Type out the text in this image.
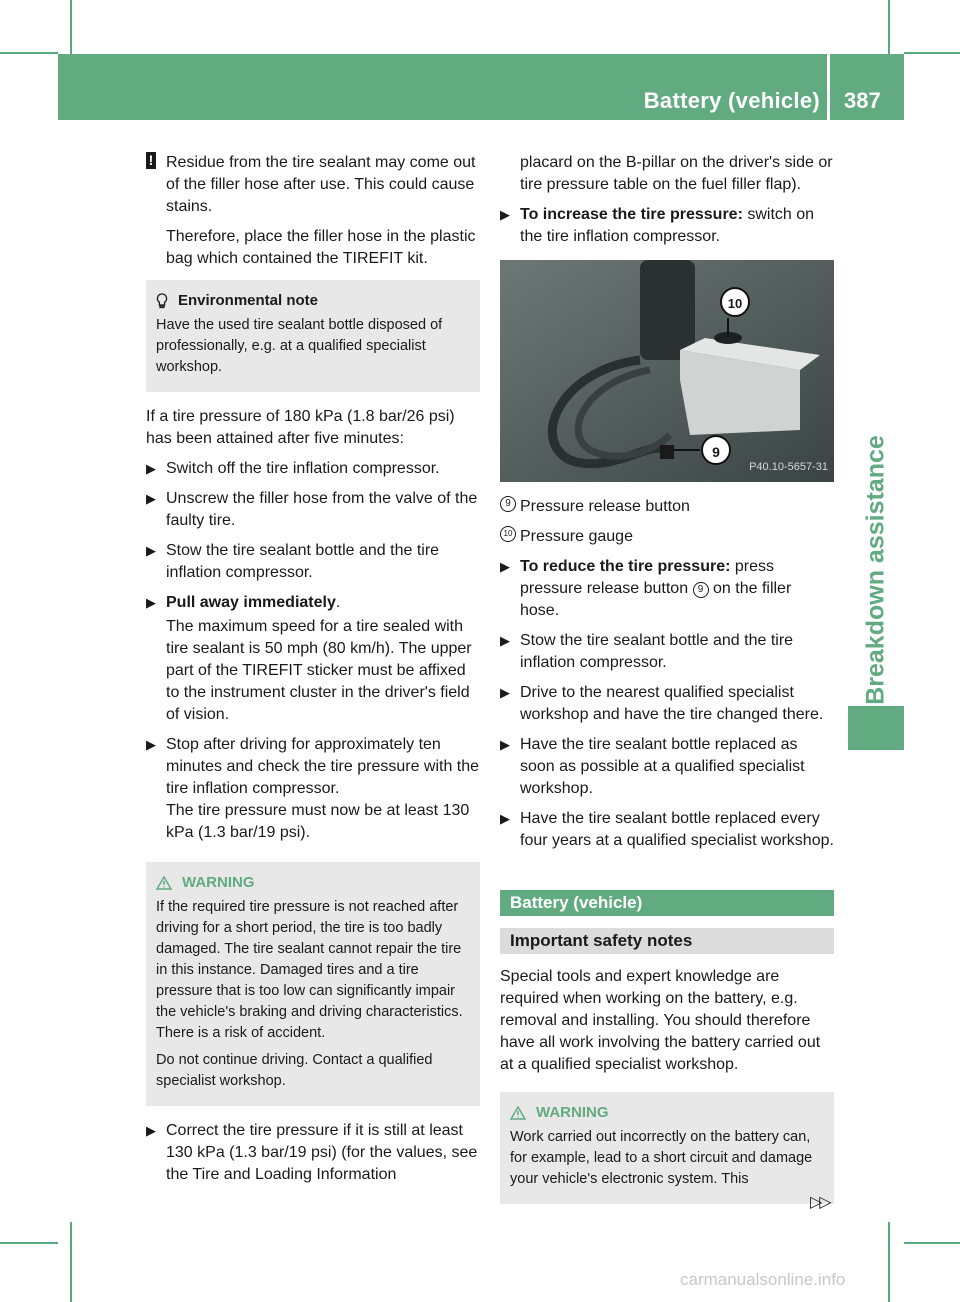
Battery (vehicle) 387
Breakdown assistance

! Residue from the tire sealant may come out of the filler hose after use. This could cause stains.

Therefore, place the filler hose in the plastic bag which contained the TIREFIT kit.

Environmental note

Have the used tire sealant bottle disposed of professionally, e.g. at a qualified specialist workshop.

If a tire pressure of 180 kPa (1.8 bar/26 psi) has been attained after five minutes:

▶ Switch off the tire inflation compressor.

▶ Unscrew the filler hose from the valve of the faulty tire.

▶ Stow the tire sealant bottle and the tire inflation compressor.

▶ Pull away immediately.

The maximum speed for a tire sealed with tire sealant is 50 mph (80 km/h). The upper part of the TIREFIT sticker must be affixed to the instrument cluster in the driver's field of vision.

▶ Stop after driving for approximately ten minutes and check the tire pressure with the tire inflation compressor.

The tire pressure must now be at least 130 kPa (1.3 bar/19 psi).

WARNING

If the required tire pressure is not reached after driving for a short period, the tire is too badly damaged. The tire sealant cannot repair the tire in this instance. Damaged tires and a tire pressure that is too low can significantly impair the vehicle's braking and driving characteristics. There is a risk of accident.

Do not continue driving. Contact a qualified specialist workshop.

▶ Correct the tire pressure if it is still at least 130 kPa (1.3 bar/19 psi) (for the values, see the Tire and Loading Information

placard on the B-pillar on the driver's side or tire pressure table on the fuel filler flap).

▶ To increase the tire pressure: switch on the tire inflation compressor.

10
9
P40.10-5657-31

9 Pressure release button

10 Pressure gauge

▶ To reduce the tire pressure: press pressure release button 9 on the filler hose.

▶ Stow the tire sealant bottle and the tire inflation compressor.

▶ Drive to the nearest qualified specialist workshop and have the tire changed there.

▶ Have the tire sealant bottle replaced as soon as possible at a qualified specialist workshop.

▶ Have the tire sealant bottle replaced every four years at a qualified specialist workshop.

Battery (vehicle)
Important safety notes

Special tools and expert knowledge are required when working on the battery, e.g. removal and installing. You should therefore have all work involving the battery carried out at a qualified specialist workshop.

WARNING

Work carried out incorrectly on the battery can, for example, lead to a short circuit and damage your vehicle's electronic system. This

▷▷
carmanualsonline.info
